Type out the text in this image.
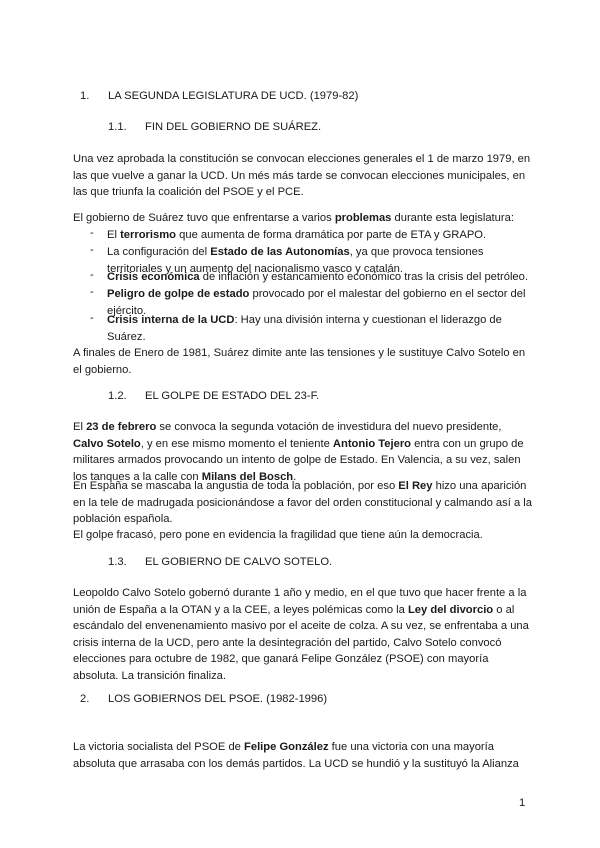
1. LA SEGUNDA LEGISLATURA DE UCD. (1979-82)
1.1. FIN DEL GOBIERNO DE SUÁREZ.
Una vez aprobada la constitución se convocan elecciones generales el 1 de marzo 1979, en las que vuelve a ganar la UCD. Un més más tarde se convocan elecciones municipales, en las que triunfa la coalición del PSOE y el PCE.
El gobierno de Suárez tuvo que enfrentarse a varios problemas durante esta legislatura:
- El terrorismo que aumenta de forma dramática por parte de ETA y GRAPO.
- La configuración del Estado de las Autonomías, ya que provoca tensiones territoriales y un aumento del nacionalismo vasco y catalán.
- Crisis económica de inflación y estancamiento económico tras la crisis del petróleo.
- Peligro de golpe de estado provocado por el malestar del gobierno en el sector del ejército.
- Crisis interna de la UCD: Hay una división interna y cuestionan el liderazgo de Suárez.
A finales de Enero de 1981, Suárez dimite ante las tensiones y le sustituye Calvo Sotelo en el gobierno.
1.2. EL GOLPE DE ESTADO DEL 23-F.
El 23 de febrero se convoca la segunda votación de investidura del nuevo presidente, Calvo Sotelo, y en ese mismo momento el teniente Antonio Tejero entra con un grupo de militares armados provocando un intento de golpe de Estado. En Valencia, a su vez, salen los tanques a la calle con Milans del Bosch.
En España se mascaba la angustia de toda la población, por eso El Rey hizo una aparición en la tele de madrugada posicionándose a favor del orden constitucional y calmando así a la población española.
El golpe fracasó, pero pone en evidencia la fragilidad que tiene aún la democracia.
1.3. EL GOBIERNO DE CALVO SOTELO.
Leopoldo Calvo Sotelo gobernó durante 1 año y medio, en el que tuvo que hacer frente a la unión de España a la OTAN y a la CEE, a leyes polémicas como la Ley del divorcio o al escándalo del envenenamiento masivo por el aceite de colza. A su vez, se enfrentaba a una crisis interna de la UCD, pero ante la desintegración del partido, Calvo Sotelo convocó elecciones para octubre de 1982, que ganará Felipe González (PSOE) con mayoría absoluta. La transición finaliza.
2. LOS GOBIERNOS DEL PSOE. (1982-1996)
La victoria socialista del PSOE de Felipe González fue una victoria con una mayoría absoluta que arrasaba con los demás partidos. La UCD se hundió y la sustituyó la Alianza
1
